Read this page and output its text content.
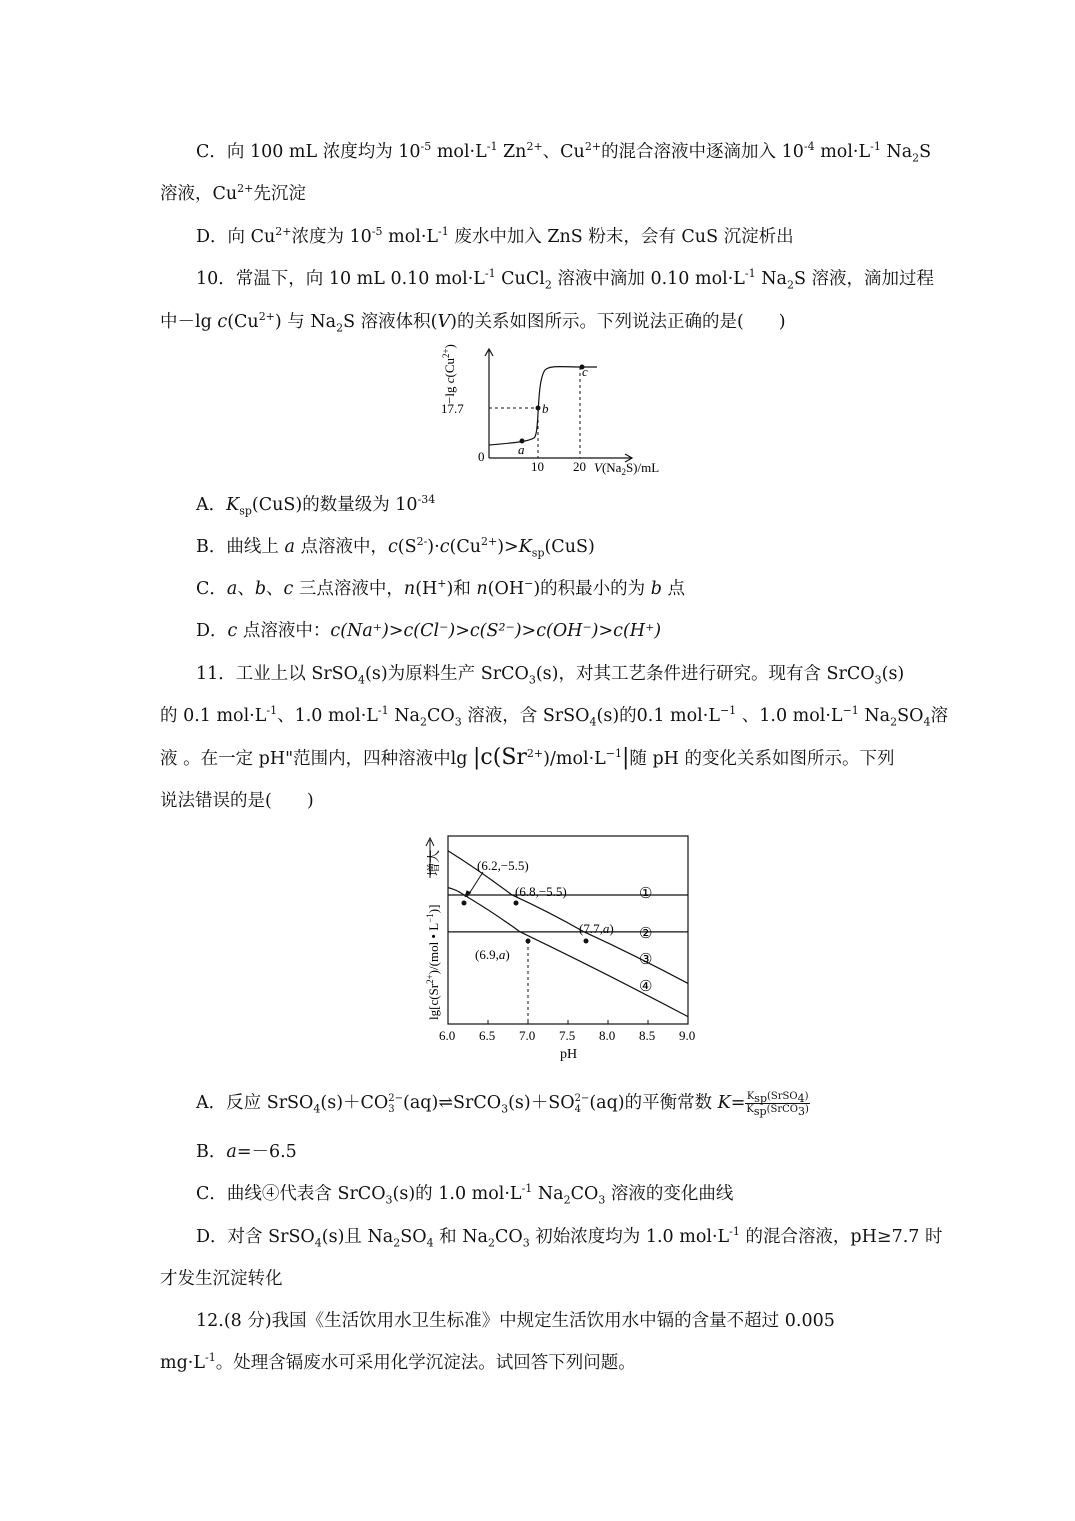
C．向 100 mL 浓度均为 $10^{-5}$ $mol\cdot L^{-1}$ $Zn^{2+}$、$Cu^{2+}$的混合溶液中逐滴加入 $10^{-4}$ $mol\cdot L^{-1}$ $Na_2S$
溶液，$Cu^{2+}$先沉淀
D．向 $Cu^{2+}$浓度为 $10^{-5}$ $mol\cdot L^{-1}$ 废水中加入 ZnS 粉末，会有 CuS 沉淀析出
10．常温下，向 10 mL 0.10 $mol\cdot L^{-1}$ CuCl$_2$ 溶液中滴加 0.10 $mol\cdot L^{-1}$ $Na_2S$ 溶液，滴加过程
中－lg $c(Cu^{2+})$ 与 $Na_2S$ 溶液体积(V)的关系如图所示。下列说法正确的是(　　)
a
b
c
17.7
0
10 20 $V(Na_2S)/mL$
−lg $c(Cu^{2+})$
A．$K_{sp}(CuS)$的数量级为 $10^{-34}$
B．曲线上 a 点溶液中，$c(S^{2-})\cdot c(Cu^{2+})>K_{sp}(CuS)$
C．a、b、c 三点溶液中，n(H+)和 n(OH−)的积最小的为 b 点
D．c 点溶液中：c(Na⁺)>c(Cl⁻)>c(S²⁻)>c(OH⁻)>c(H⁺)
11．工业上以 SrSO$_4$(s)为原料生产 SrCO$_3$(s)，对其工艺条件进行研究。现有含 SrCO$_3$(s)
的 0.1 $mol\cdot L^{-1}$、1.0 $mol\cdot L^{-1}$ $Na_2CO_3$ 溶液，含 SrSO$_4$(s)的0.1 $mol\cdot L^{-1}$ 、1.0 $mol\cdot L^{-1}$ $Na_2SO_4$溶
液 。在一定 pH"范围内，四种溶液中$\lg |c(Sr^{2+})/mol\cdot L^{-1}|$随 pH 的变化关系如图所示。下列
说法错误的是(　　)
6.0 6.5 7.0 7.5 8.0 8.5 9.0
(6.2,−5.5)
(6.8,−5.5)
(7.7,a)
(6.9,a)
①
②
③
④
pH
$\lg[c(Sr^{2+})/(mol$ • $L^{-1}$)]
增大
A．反应 SrSO$_4$(s)＋CO 2−
3 (aq)⇌SrCO$_3$(s)＋SO 2−
4 (aq)的平衡常数 $K= \frac{K_{sp}(SrSO_4)}{K_{sp}(SrCO_3)}$
B．a=－6.5
C．曲线④代表含 SrCO$_3$(s)的 1.0 $mol\cdot L^{-1}$ $Na_2CO_3$ 溶液的变化曲线
D．对含 SrSO$_4$(s)且 $Na_2SO_4$ 和 $Na_2CO_3$ 初始浓度均为 1.0 $mol\cdot L^{-1}$ 的混合溶液，pH≥7.7 时
才发生沉淀转化
12.(8 分)我国《生活饮用水卫生标准》中规定生活饮用水中镉的含量不超过 0.005
$mg\cdot L^{-1}$。处理含镉废水可采用化学沉淀法。试回答下列问题。
